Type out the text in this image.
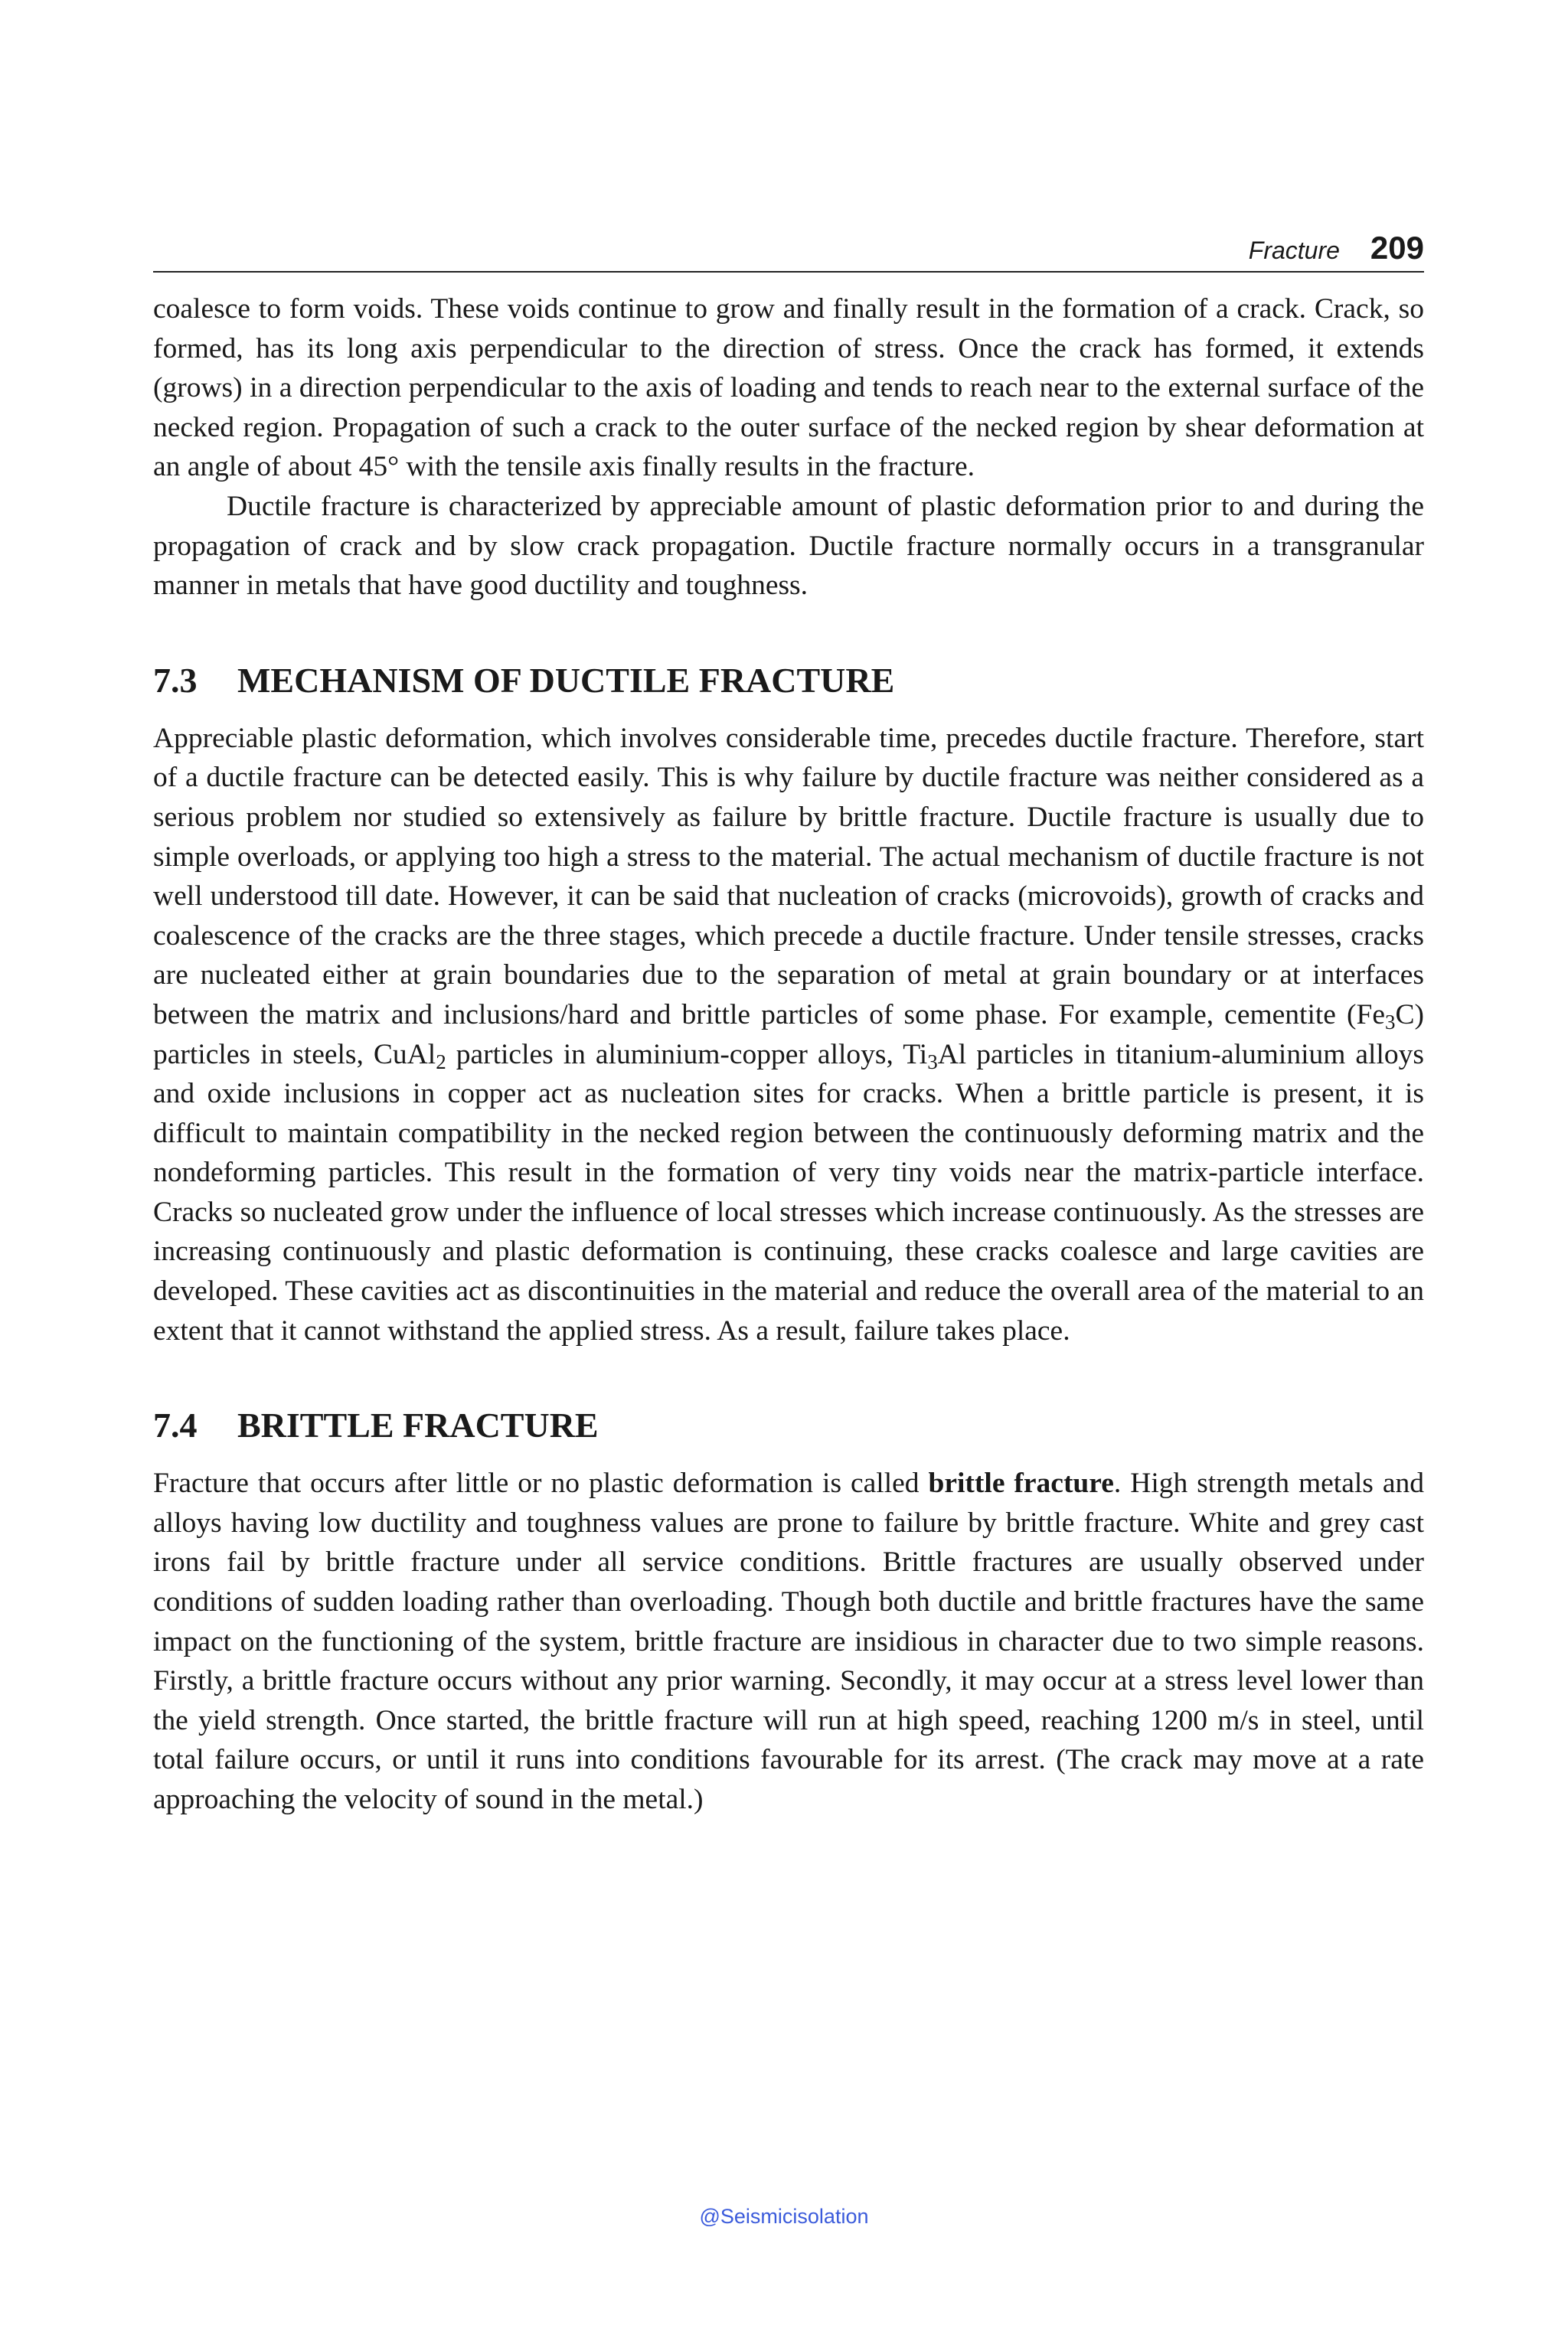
Fracture 209

coalesce to form voids. These voids continue to grow and finally result in the formation of a crack. Crack, so formed, has its long axis perpendicular to the direction of stress. Once the crack has formed, it extends (grows) in a direction perpendicular to the axis of loading and tends to reach near to the external surface of the necked region. Propagation of such a crack to the outer surface of the necked region by shear deformation at an angle of about 45° with the tensile axis finally results in the fracture.

Ductile fracture is characterized by appreciable amount of plastic deformation prior to and during the propagation of crack and by slow crack propagation. Ductile fracture normally occurs in a transgranular manner in metals that have good ductility and toughness.

7.3 MECHANISM OF DUCTILE FRACTURE

Appreciable plastic deformation, which involves considerable time, precedes ductile fracture. Therefore, start of a ductile fracture can be detected easily. This is why failure by ductile fracture was neither considered as a serious problem nor studied so extensively as failure by brittle fracture. Ductile fracture is usually due to simple overloads, or applying too high a stress to the material. The actual mechanism of ductile fracture is not well understood till date. However, it can be said that nucleation of cracks (microvoids), growth of cracks and coalescence of the cracks are the three stages, which precede a ductile fracture. Under tensile stresses, cracks are nucleated either at grain boundaries due to the separation of metal at grain boundary or at interfaces between the matrix and inclusions/hard and brittle particles of some phase. For example, cementite $(Fe_3C)$ particles in steels, CuAl$_2$ particles in aluminium-copper alloys, $Ti_3Al$ particles in titanium-aluminium alloys and oxide inclusions in copper act as nucleation sites for cracks. When a brittle particle is present, it is difficult to maintain compatibility in the necked region between the continuously deforming matrix and the nondeforming particles. This result in the formation of very tiny voids near the matrix-particle interface. Cracks so nucleated grow under the influence of local stresses which increase continuously. As the stresses are increasing continuously and plastic deformation is continuing, these cracks coalesce and large cavities are developed. These cavities act as discontinuities in the material and reduce the overall area of the material to an extent that it cannot withstand the applied stress. As a result, failure takes place.

7.4 BRITTLE FRACTURE

Fracture that occurs after little or no plastic deformation is called brittle fracture. High strength metals and alloys having low ductility and toughness values are prone to failure by brittle fracture. White and grey cast irons fail by brittle fracture under all service conditions. Brittle fractures are usually observed under conditions of sudden loading rather than overloading. Though both ductile and brittle fractures have the same impact on the functioning of the system, brittle fracture are insidious in character due to two simple reasons. Firstly, a brittle fracture occurs without any prior warning. Secondly, it may occur at a stress level lower than the yield strength. Once started, the brittle fracture will run at high speed, reaching 1200 m/s in steel, until total failure occurs, or until it runs into conditions favourable for its arrest. (The crack may move at a rate approaching the velocity of sound in the metal.)

@Seismicisolation
